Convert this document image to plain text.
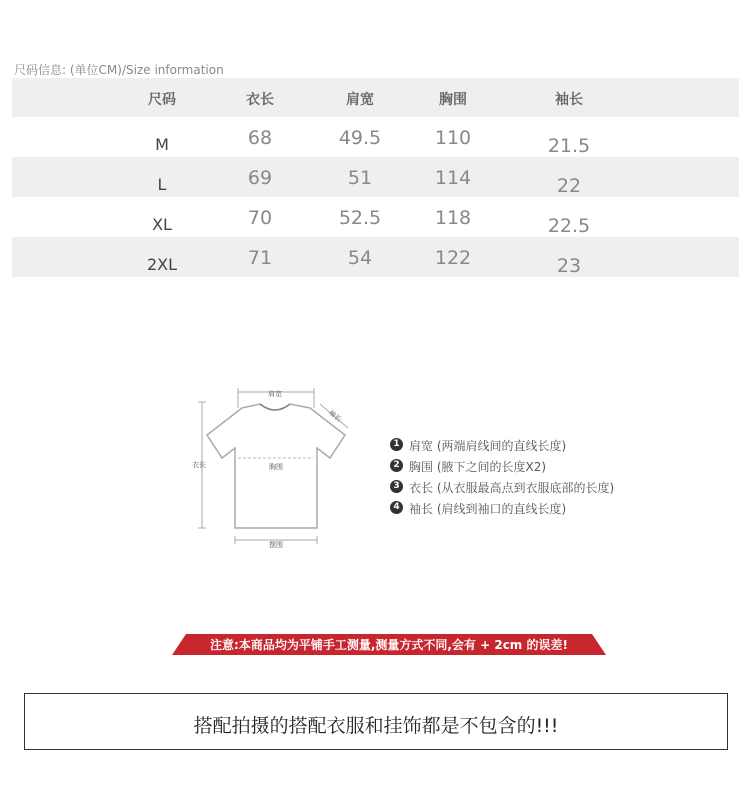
尺码信息: (单位CM)/Size information
尺码	衣长	肩宽	胸围	袖长
M	68	49.5	110	21.5
L	69	51	114	22
XL	70	52.5	118	22.5
2XL	71	54	122	23
肩宽
袖长
衣长	胸围
摆围
1 肩宽 (两端肩线间的直线长度)
2 胸围 (腋下之间的长度X2)
3 衣长 (从衣服最高点到衣服底部的长度)
4 袖长 (肩线到袖口的直线长度)
注意:本商品均为平铺手工测量,测量方式不同,会有 + 2cm 的误差!
搭配拍摄的搭配衣服和挂饰都是不包含的!!!
